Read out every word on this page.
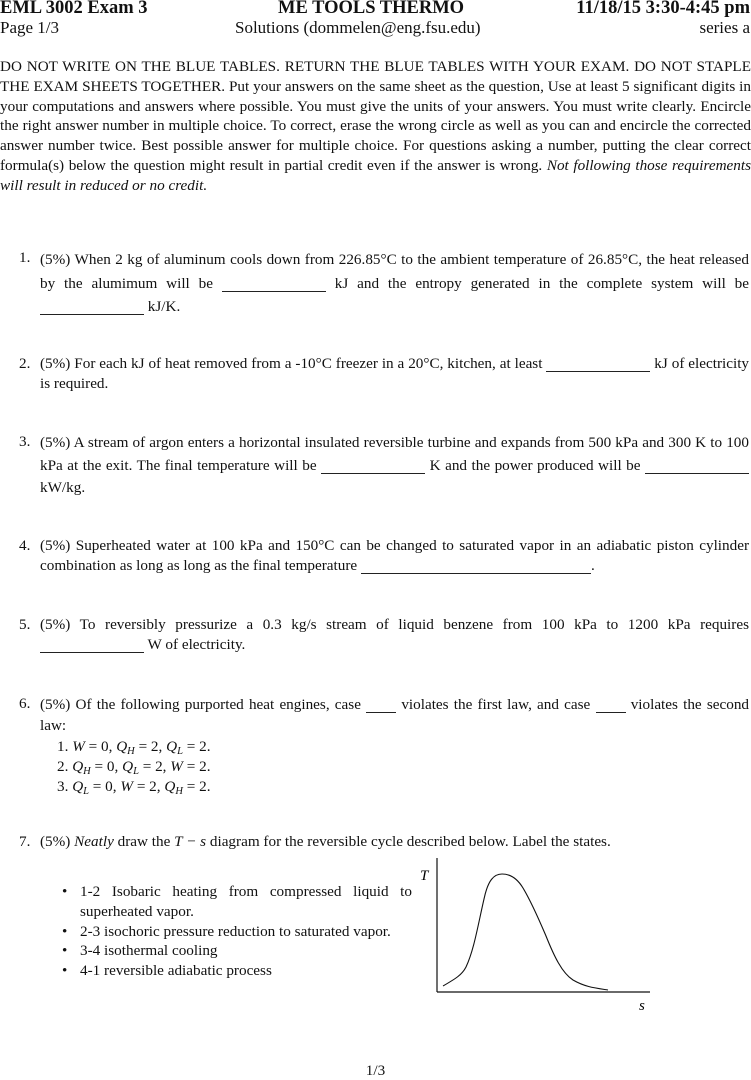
EML 3002 Exam 3	ME TOOLS THERMO	11/18/15 3:30-4:45 pm
Page 1/3	Solutions (dommelen@eng.fsu.edu)	series a
DO NOT WRITE ON THE BLUE TABLES. RETURN THE BLUE TABLES WITH YOUR EXAM. DO NOT STAPLE THE EXAM SHEETS TOGETHER. Put your answers on the same sheet as the question, Use at least 5 significant digits in your computations and answers where possible. You must give the units of your answers. You must write clearly. Encircle the right answer number in multiple choice. To correct, erase the wrong circle as well as you can and encircle the corrected answer number twice. Best possible answer for multiple choice. For questions asking a number, putting the clear correct formula(s) below the question might result in partial credit even if the answer is wrong. Not following those requirements will result in reduced or no credit.
1. (5%) When 2 kg of aluminum cools down from 226.85°C to the ambient temperature of 26.85°C, the heat released by the alumimum will be	kJ and the entropy generated in the complete system will be  kJ/K.
2. (5%) For each kJ of heat removed from a -10°C freezer in a 20°C, kitchen, at least	kJ of electricity is required.
3. (5%) A stream of argon enters a horizontal insulated reversible turbine and expands from 500 kPa and 300 K to 100 kPa at the exit. The final temperature will be	K and the power produced will be  kW/kg.
4. (5%) Superheated water at 100 kPa and 150°C can be changed to saturated vapor in an adiabatic piston cylinder combination as long as long as the final temperature	.
5. (5%) To reversibly pressurize a 0.3 kg/s stream of liquid benzene from 100 kPa to 1200 kPa requires  W of electricity.
6. (5%) Of the following purported heat engines, case	violates the first law, and case	violates the second law:
1. W = 0, $Q_H = 2$, $Q_L = 2$.
2. $Q_H = 0$, $Q_L = 2$, W = 2.
3. $Q_L = 0$, W = 2, $Q_H = 2$.
7. (5%) Neatly draw the T − s diagram for the reversible cycle described below. Label the states.
• 1-2 Isobaric heating from compressed liquid to superheated vapor.
• 2-3 isochoric pressure reduction to saturated vapor.
• 3-4 isothermal cooling
• 4-1 reversible adiabatic process
T
s
1/3
